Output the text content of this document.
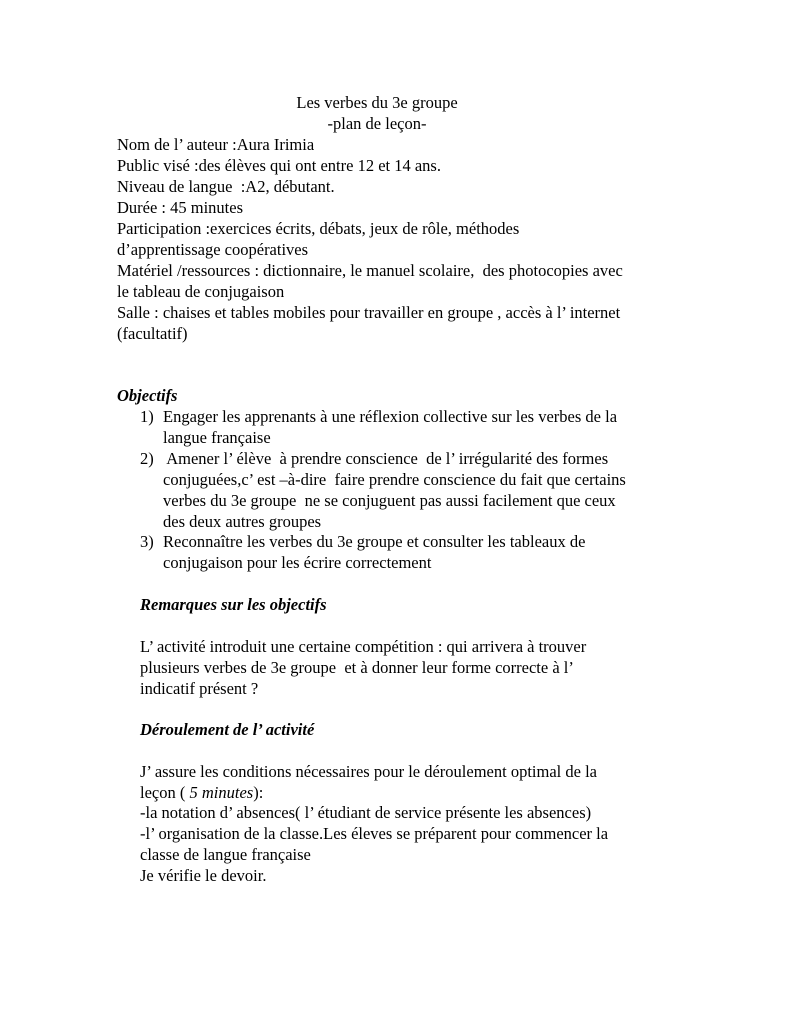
Les verbes du 3e groupe
-plan de leçon-
Nom de l’ auteur :Aura Irimia
Public visé :des élèves qui ont entre 12 et 14 ans.
Niveau de langue  :A2, débutant.
Durée : 45 minutes
Participation :exercices écrits, débats, jeux de rôle, méthodes
d’apprentissage coopératives
Matériel /ressources : dictionnaire, le manuel scolaire,  des photocopies avec
le tableau de conjugaison
Salle : chaises et tables mobiles pour travailler en groupe , accès à l’ internet
(facultatif)
Objectifs
1) Engager les apprenants à une réflexion collective sur les verbes de la
langue française
2) Amener l’ élève  à prendre conscience  de l’ irrégularité des formes
conjuguées,c’ est –à-dire  faire prendre conscience du fait que certains
verbes du 3e groupe  ne se conjuguent pas aussi facilement que ceux
des deux autres groupes
3) Reconnaître les verbes du 3e groupe et consulter les tableaux de
conjugaison pour les écrire correctement
Remarques sur les objectifs
L’ activité introduit une certaine compétition : qui arrivera à trouver
plusieurs verbes de 3e groupe  et à donner leur forme correcte à l’
indicatif présent ?
Déroulement de l’ activité
J’ assure les conditions nécessaires pour le déroulement optimal de la
leçon ( 5 minutes):
-la notation d’ absences( l’ étudiant de service présente les absences)
-l’ organisation de la classe.Les éleves se préparent pour commencer la
classe de langue française
Je vérifie le devoir.
